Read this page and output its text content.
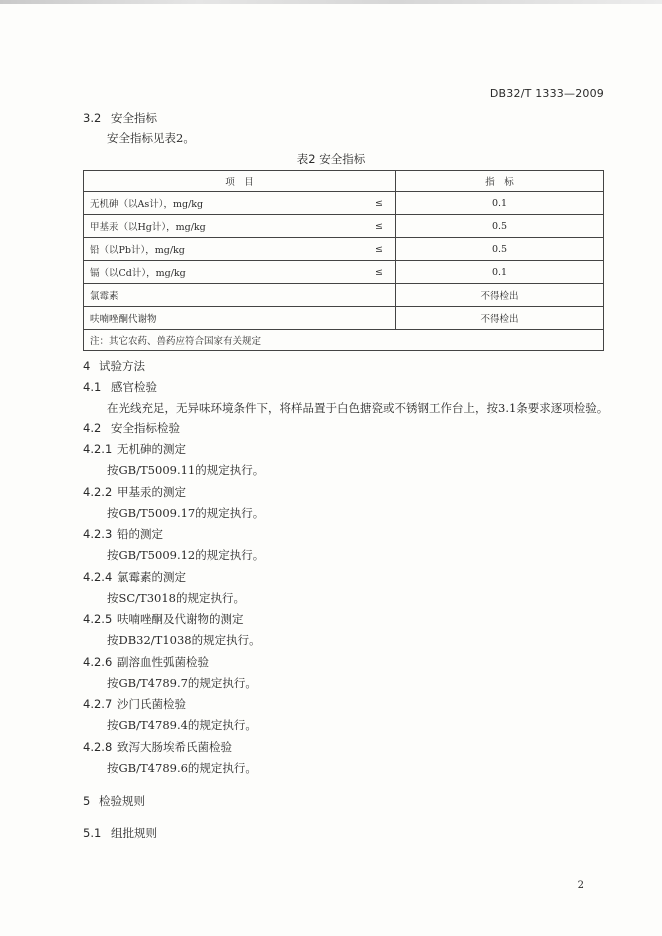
DB32/T 1333—2009
3.2 安全指标
安全指标见表2。
表2 安全指标
项　目		指　标
无机砷（以As计），mg/kg	≤	0.1
甲基汞（以Hg计），mg/kg	≤	0.5
铅（以Pb计），mg/kg	≤	0.5
镉（以Cd计），mg/kg	≤	0.1
氯霉素		不得检出
呋喃唑酮代谢物		不得检出
注：其它农药、兽药应符合国家有关规定		
4 试验方法
4.1 感官检验
在光线充足，无异味环境条件下，将样品置于白色搪瓷或不锈钢工作台上，按3.1条要求逐项检验。
4.2 安全指标检验
4.2.1 无机砷的测定
按GB/T5009.11的规定执行。
4.2.2 甲基汞的测定
按GB/T5009.17的规定执行。
4.2.3 铅的测定
按GB/T5009.12的规定执行。
4.2.4 氯霉素的测定
按SC/T3018的规定执行。
4.2.5 呋喃唑酮及代谢物的测定
按DB32/T1038的规定执行。
4.2.6 副溶血性弧菌检验
按GB/T4789.7的规定执行。
4.2.7 沙门氏菌检验
按GB/T4789.4的规定执行。
4.2.8 致泻大肠埃希氏菌检验
按GB/T4789.6的规定执行。
5 检验规则
5.1 组批规则
2
